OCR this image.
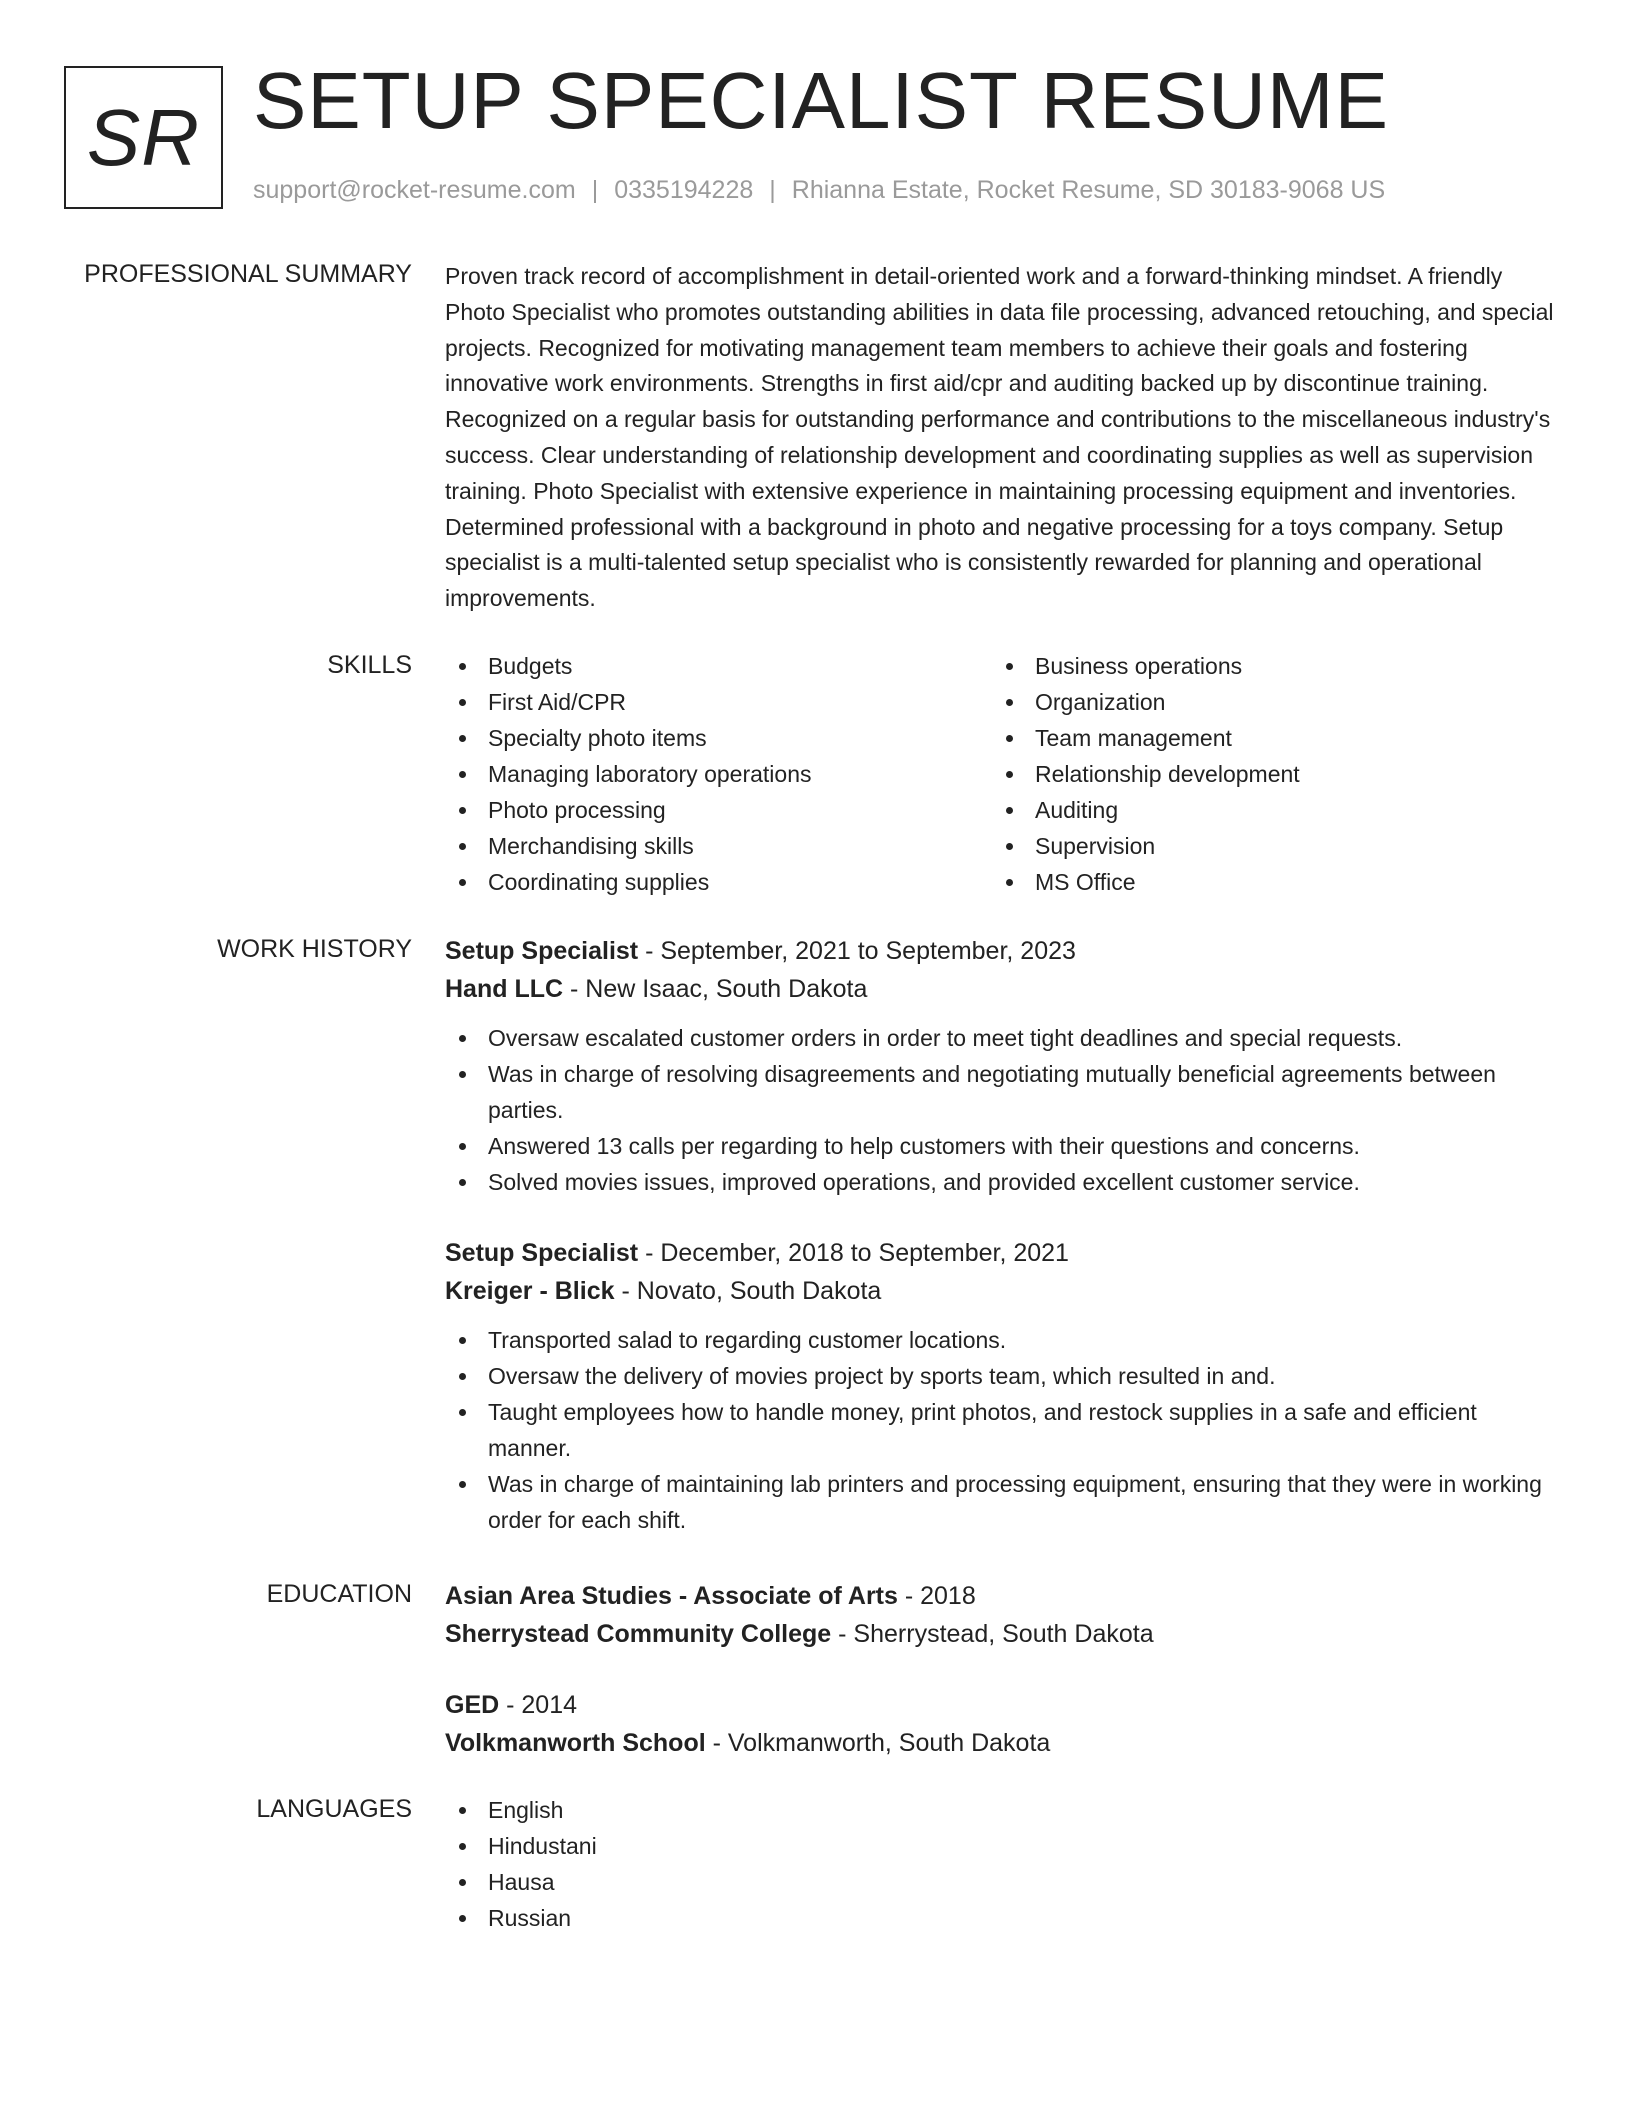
SR SETUP SPECIALIST RESUME
support@rocket-resume.com | 0335194228 | Rhianna Estate, Rocket Resume, SD 30183-9068 US
PROFESSIONAL SUMMARY Proven track record of accomplishment in detail-oriented work and a forward-thinking mindset. A friendly Photo Specialist who promotes outstanding abilities in data file processing, advanced retouching, and special projects. Recognized for motivating management team members to achieve their goals and fostering innovative work environments. Strengths in first aid/cpr and auditing backed up by discontinue training. Recognized on a regular basis for outstanding performance and contributions to the miscellaneous industry's success. Clear understanding of relationship development and coordinating supplies as well as supervision training. Photo Specialist with extensive experience in maintaining processing equipment and inventories. Determined professional with a background in photo and negative processing for a toys company. Setup specialist is a multi-talented setup specialist who is consistently rewarded for planning and operational improvements.
SKILLS	Budgets
First Aid/CPR
Specialty photo items
Managing laboratory operations
Photo processing
Merchandising skills
Coordinating supplies
Business operations
Organization
Team management
Relationship development
Auditing
Supervision
MS Office
WORK HISTORY Setup Specialist - September, 2021 to September, 2023
Hand LLC - New Isaac, South Dakota
Oversaw escalated customer orders in order to meet tight deadlines and special requests.
Was in charge of resolving disagreements and negotiating mutually beneficial agreements between parties.
Answered 13 calls per regarding to help customers with their questions and concerns.
Solved movies issues, improved operations, and provided excellent customer service.
Setup Specialist - December, 2018 to September, 2021
Kreiger - Blick - Novato, South Dakota
Transported salad to regarding customer locations.
Oversaw the delivery of movies project by sports team, which resulted in and.
Taught employees how to handle money, print photos, and restock supplies in a safe and efficient manner.
Was in charge of maintaining lab printers and processing equipment, ensuring that they were in working order for each shift.
EDUCATION Asian Area Studies - Associate of Arts - 2018
Sherrystead Community College - Sherrystead, South Dakota
GED - 2014
Volkmanworth School - Volkmanworth, South Dakota
LANGUAGES	English
Hindustani
Hausa
Russian
